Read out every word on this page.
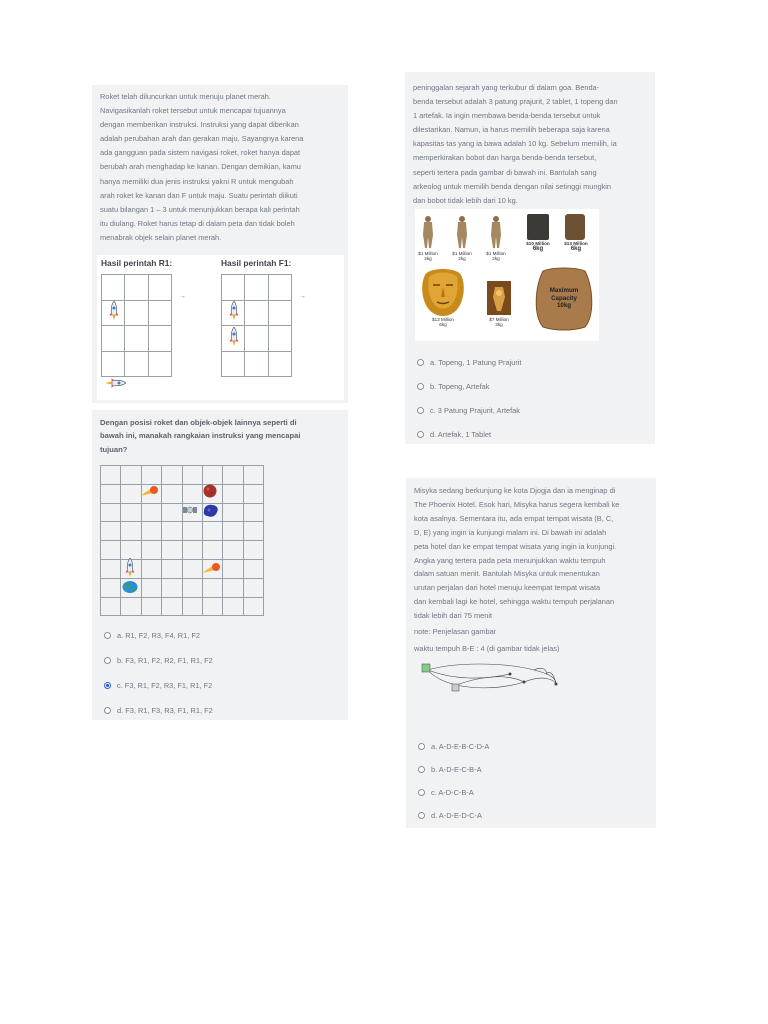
Roket telah diluncurkan untuk menuju planet merah.

Navigasikanlah roket tersebut untuk mencapai tujuannya

dengan memberikan instruksi. Instruksi yang dapat diberikan

adalah perubahan arah dan gerakan maju. Sayangnya karena

ada gangguan pada sistem navigasi roket, roket hanya dapat

berubah arah menghadap ke kanan. Dengan demikian, kamu

hanya memiliki dua jenis instruksi yakni R untuk mengubah

arah roket ke kanan dan F untuk maju. Suatu perintah diikuti

suatu bilangan 1 – 3 untuk menunjukkan berapa kali perintah

itu diulang. Roket harus tetap di dalam peta dan tidak boleh

menabrak objek selain planet merah.

Hasil perintah R1:	Hasil perintah F1:
→	→

Dengan posisi roket dan objek-objek lainnya seperti di

bawah ini, manakah rangkaian instruksi yang mencapai

tujuan?

a. R1, F2, R3, F4, R1, F2
b. F3, R1, F2, R2, F1, R1, F2
c. F3, R1, F2, R3, F1, R1, F2
d. F3, R1, F3, R3, F1, R1, F2

peninggalan sejarah yang terkubur di dalam goa. Benda-

benda tersebut adalah 3 patung prajurit, 2 tablet, 1 topeng dan

1 artefak. Ia ingin membawa benda-benda tersebut untuk

dilestarikan. Namun, ia harus memilih beberapa saja karena

kapasitas tas yang ia bawa adalah 10 kg. Sebelum memilih, ia

memperkirakan bobot dan harga benda-benda tersebut,

seperti tertera pada gambar di bawah ini. Bantulah sang

arkeolog untuk memilih benda dengan nilai setinggi mungkin

dan bobot tidak lebih dari 10 kg.

$1 Million
2kg
$1 Million
2kg
$1 Million
2kg
$10 Million
6kg
$13 Million
6kg
$13 Million
6kg
$7 Million
3kg
Maximum
Capacity
10kg
a. Topeng, 1 Patung Prajurit
b. Topeng, Artefak
c. 3 Patung Prajurit, Artefak
d. Artefak, 1 Tablet

Misyka sedang berkunjung ke kota Djogja dan ia menginap di

The Phoenix Hotel. Esok hari, Misyka harus segera kembali ke

kota asalnya. Sementara itu, ada empat tempat wisata (B, C,

D, E) yang ingin ia kunjungi malam ini. Di bawah ini adalah

peta hotel dan ke empat tempat wisata yang ingin ia kunjungi.

Angka yang tertera pada peta menunjukkan waktu tempuh

dalam satuan menit. Bantulah Misyka untuk menentukan

urutan perjalan dari hotel menuju keempat tempat wisata

dan kembali lagi ke hotel, sehingga waktu tempuh perjalanan

tidak lebih dari 75 menit

note: Penjelasan gambar

waktu tempuh B-E : 4 (di gambar tidak jelas)

a. A-D-E-B-C-D-A
b. A-D-E-C-B-A
c. A-D-C-B-A
d. A-D-E-D-C-A
